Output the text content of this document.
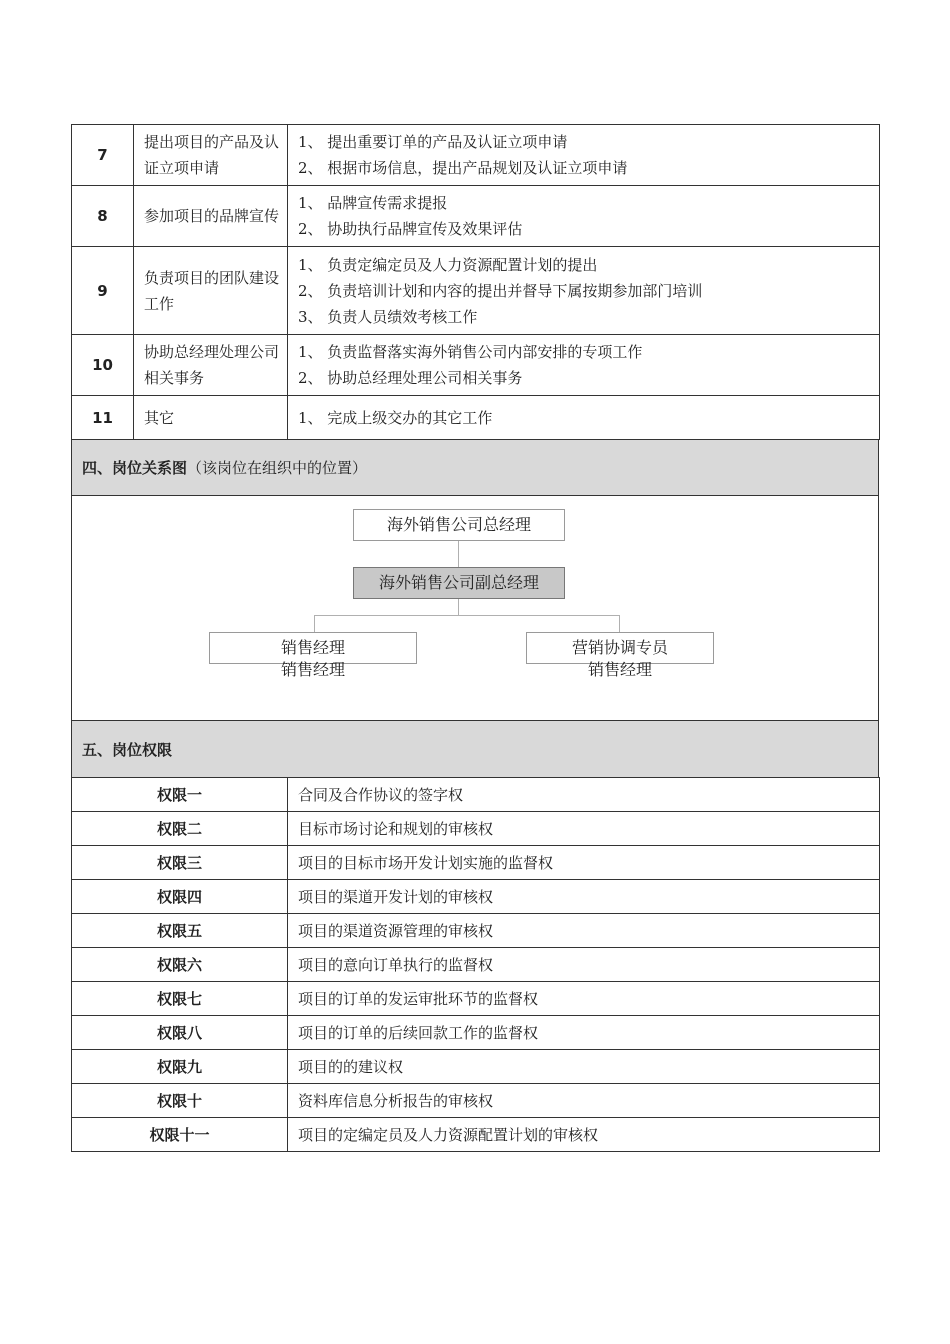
7	提出项目的产品及认证立项申请	1、 提出重要订单的产品及认证立项申请
2、 根据市场信息，提出产品规划及认证立项申请

8	参加项目的品牌宣传	1、 品牌宣传需求提报
2、 协助执行品牌宣传及效果评估

9	负责项目的团队建设工作	1、 负责定编定员及人力资源配置计划的提出
2、 负责培训计划和内容的提出并督导下属按期参加部门培训
3、 负责人员绩效考核工作

10	协助总经理处理公司相关事务	1、 负责监督落实海外销售公司内部安排的专项工作
2、 协助总经理处理公司相关事务

11	其它	1、 完成上级交办的其它工作
四、岗位关系图（该岗位在组织中的位置）
海外销售公司总经理
海外销售公司副总经理
销售经理
销售经理
营销协调专员
销售经理
五、岗位权限
权限一	合同及合作协议的签字权
权限二	目标市场讨论和规划的审核权
权限三	项目的目标市场开发计划实施的监督权
权限四	项目的渠道开发计划的审核权
权限五	项目的渠道资源管理的审核权
权限六	项目的意向订单执行的监督权
权限七	项目的订单的发运审批环节的监督权
权限八	项目的订单的后续回款工作的监督权
权限九	项目的的建议权
权限十	资料库信息分析报告的审核权
权限十一	项目的定编定员及人力资源配置计划的审核权
